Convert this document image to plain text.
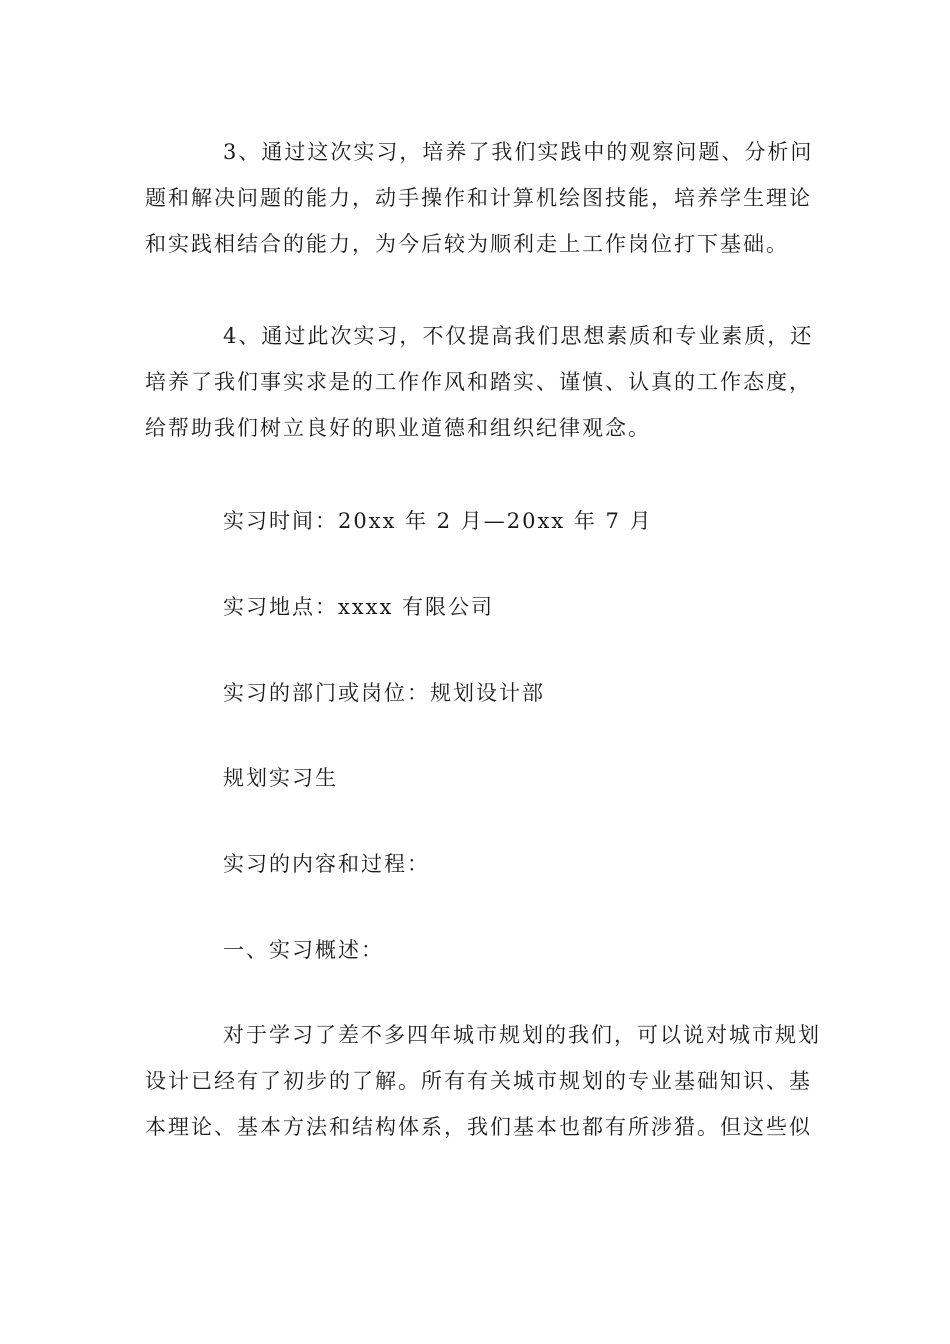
3、通过这次实习，培养了我们实践中的观察问题、分析问
题和解决问题的能力，动手操作和计算机绘图技能，培养学生理论
和实践相结合的能力，为今后较为顺利走上工作岗位打下基础。
4、通过此次实习，不仅提高我们思想素质和专业素质，还
培养了我们事实求是的工作作风和踏实、谨慎、认真的工作态度，
给帮助我们树立良好的职业道德和组织纪律观念。

实习时间：20xx 年 2 月—20xx 年 7 月

实习地点：xxxx 有限公司

实习的部门或岗位：规划设计部

规划实习生

实习的内容和过程：

一、实习概述：

对于学习了差不多四年城市规划的我们，可以说对城市规划
设计已经有了初步的了解。所有有关城市规划的专业基础知识、基
本理论、基本方法和结构体系，我们基本也都有所涉猎。但这些似
